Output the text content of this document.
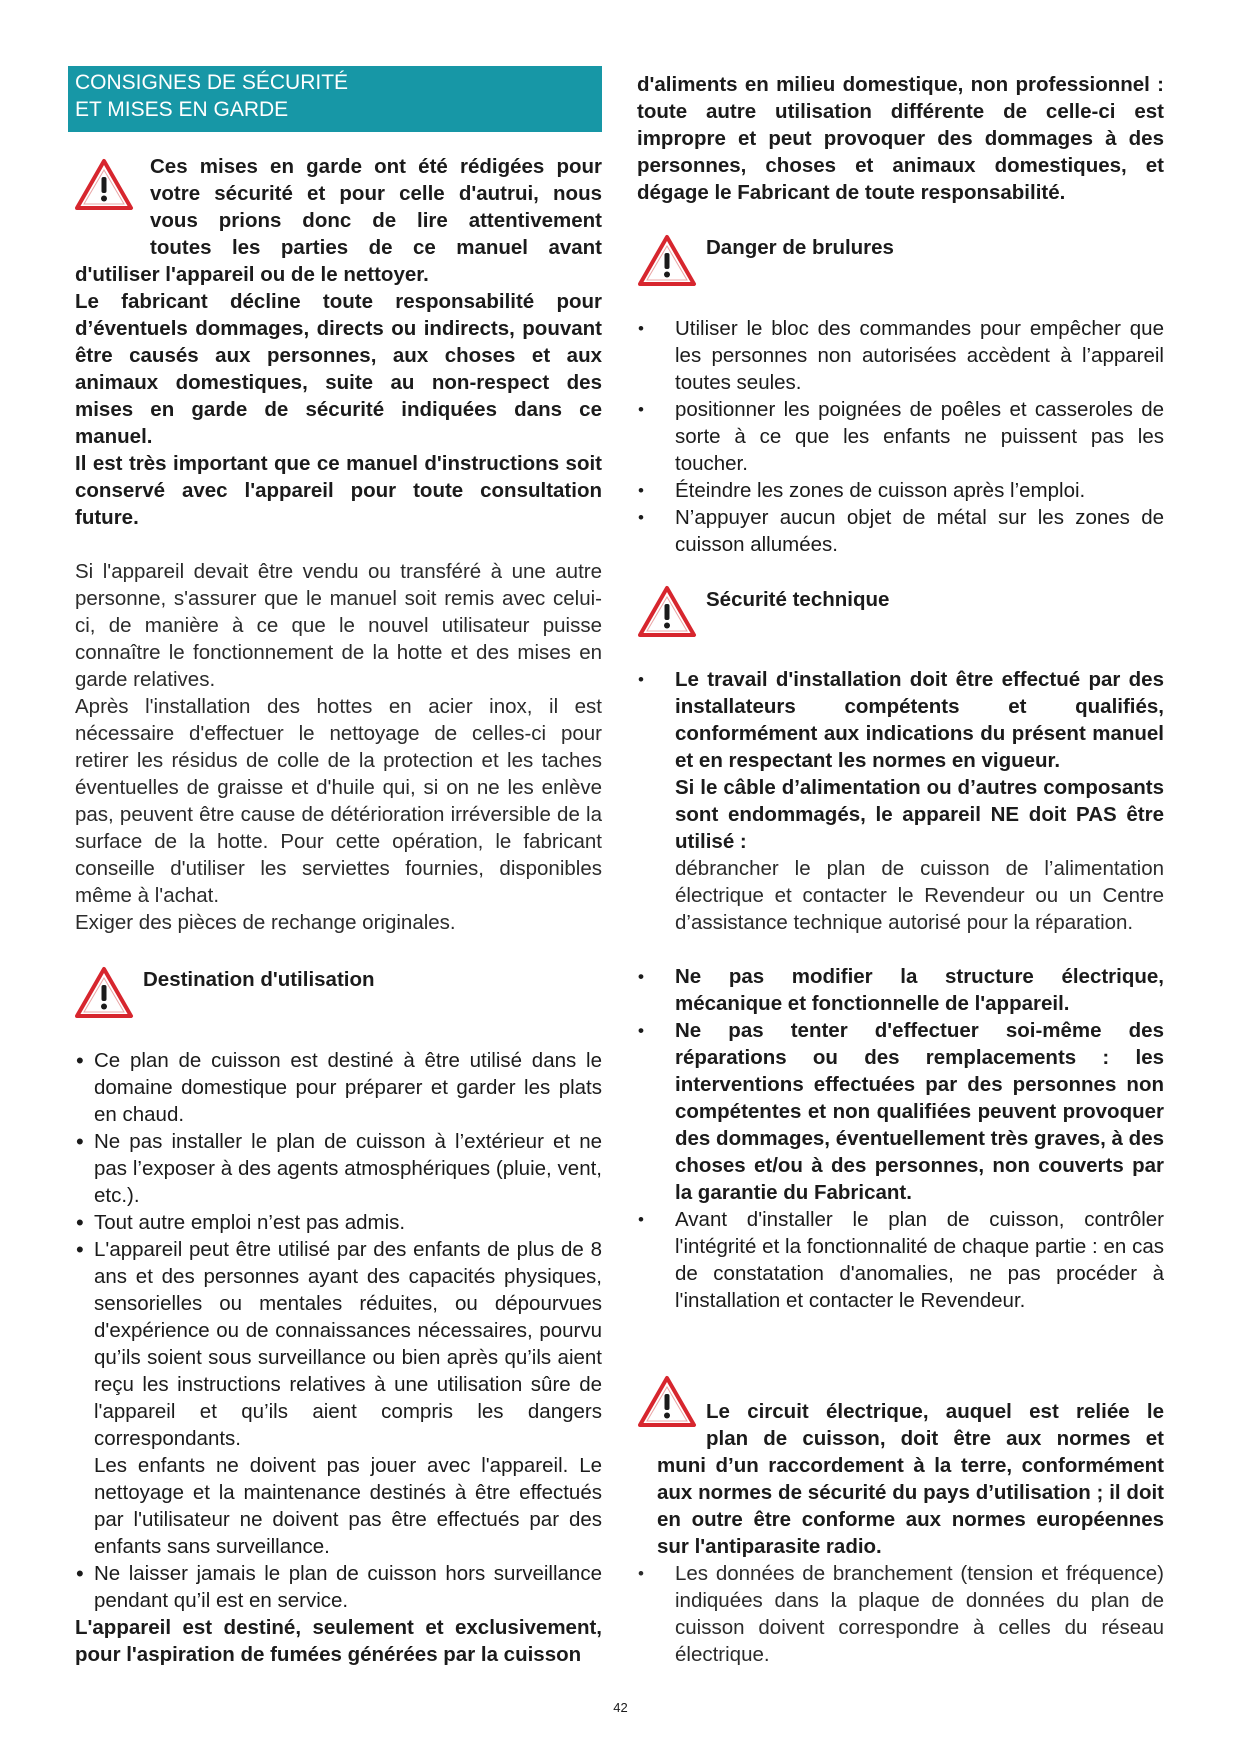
CONSIGNES DE SÉCURITÉ
ET MISES EN GARDE

Ces mises en garde ont été rédigées pour

votre sécurité et pour celle d'autrui, nous

vous prions donc de lire attentivement

toutes les parties de ce manuel avant

d'utiliser l'appareil ou de le nettoyer.

Le fabricant décline toute responsabilité pour d’éventuels dommages, directs ou indirects, pouvant être causés aux personnes, aux choses et aux animaux domestiques, suite au non-respect des mises en garde de sécurité indiquées dans ce manuel.

Il est très important que ce manuel d'instructions soit conservé avec l'appareil pour toute consultation future.

Si l'appareil devait être vendu ou transféré à une autre personne, s'assurer que le manuel soit remis avec celui-ci, de manière à ce que le nouvel utilisateur puisse connaître le fonctionnement de la hotte et des mises en garde relatives.

Après l'installation des hottes en acier inox, il est nécessaire d'effectuer le nettoyage de celles-ci pour retirer les résidus de colle de la protection et les taches éventuelles de graisse et d'huile qui, si on ne les enlève pas, peuvent être cause de détérioration irréversible de la surface de la hotte. Pour cette opération, le fabricant conseille d'utiliser les serviettes fournies, disponibles même à l'achat.

Exiger des pièces de rechange originales.

Destination d'utilisation

• Ce plan de cuisson est destiné à être utilisé dans le domaine domestique pour préparer et garder les plats en chaud.
• Ne pas installer le plan de cuisson à l’extérieur et ne pas l’exposer à des agents atmosphériques (pluie, vent, etc.).
• Tout autre emploi n’est pas admis.
• L'appareil peut être utilisé par des enfants de plus de 8 ans et des personnes ayant des capacités physiques, sensorielles ou mentales réduites, ou dépourvues d'expérience ou de connaissances nécessaires, pourvu qu’ils soient sous surveillance ou bien après qu’ils aient reçu les instructions relatives à une utilisation sûre de l'appareil et qu’ils aient compris les dangers correspondants.

Les enfants ne doivent pas jouer avec l'appareil. Le nettoyage et la maintenance destinés à être effectués par l'utilisateur ne doivent pas être effectués par des enfants sans surveillance.

• Ne laisser jamais le plan de cuisson hors surveillance pendant qu’il est en service.

L'appareil est destiné, seulement et exclusivement, pour l'aspiration de fumées générées par la cuisson

d'aliments en milieu domestique, non professionnel : toute autre utilisation différente de celle-ci est impropre et peut provoquer des dommages à des personnes, choses et animaux domestiques, et dégage le Fabricant de toute responsabilité.

Danger de brulures

• Utiliser le bloc des commandes pour empêcher que les personnes non autorisées accèdent à l’appareil toutes seules.
• positionner les poignées de poêles et casseroles de sorte à ce que les enfants ne puissent pas les toucher.
• Éteindre les zones de cuisson après l’emploi.
• N’appuyer aucun objet de métal sur les zones de cuisson allumées.

Sécurité technique

• Le travail d'installation doit être effectué par des installateurs compétents et qualifiés, conformément aux indications du présent manuel et en respectant les normes en vigueur.
Si le câble d’alimentation ou d’autres composants sont endommagés, le appareil NE doit PAS être utilisé :

débrancher le plan de cuisson de l’alimentation électrique et contacter le Revendeur ou un Centre d’assistance technique autorisé pour la réparation.

• Ne pas modifier la structure électrique, mécanique et fonctionnelle de l'appareil.
• Ne pas tenter d'effectuer soi-même des réparations ou des remplacements : les interventions effectuées par des personnes non compétentes et non qualifiées peuvent provoquer des dommages, éventuellement très graves, à des choses et/ou à des personnes, non couverts par la garantie du Fabricant.
• Avant d'installer le plan de cuisson, contrôler l'intégrité et la fonctionnalité de chaque partie : en cas de constatation d'anomalies, ne pas procéder à l'installation et contacter le Revendeur.

Le circuit électrique, auquel est reliée le

plan de cuisson, doit être aux normes et

muni d’un raccordement à la terre, conformément aux normes de sécurité du pays d’utilisation ; il doit en outre être conforme aux normes européennes sur l'antiparasite radio.

• Les données de branchement (tension et fréquence) indiquées dans la plaque de données du plan de cuisson doivent correspondre à celles du réseau électrique.
42
